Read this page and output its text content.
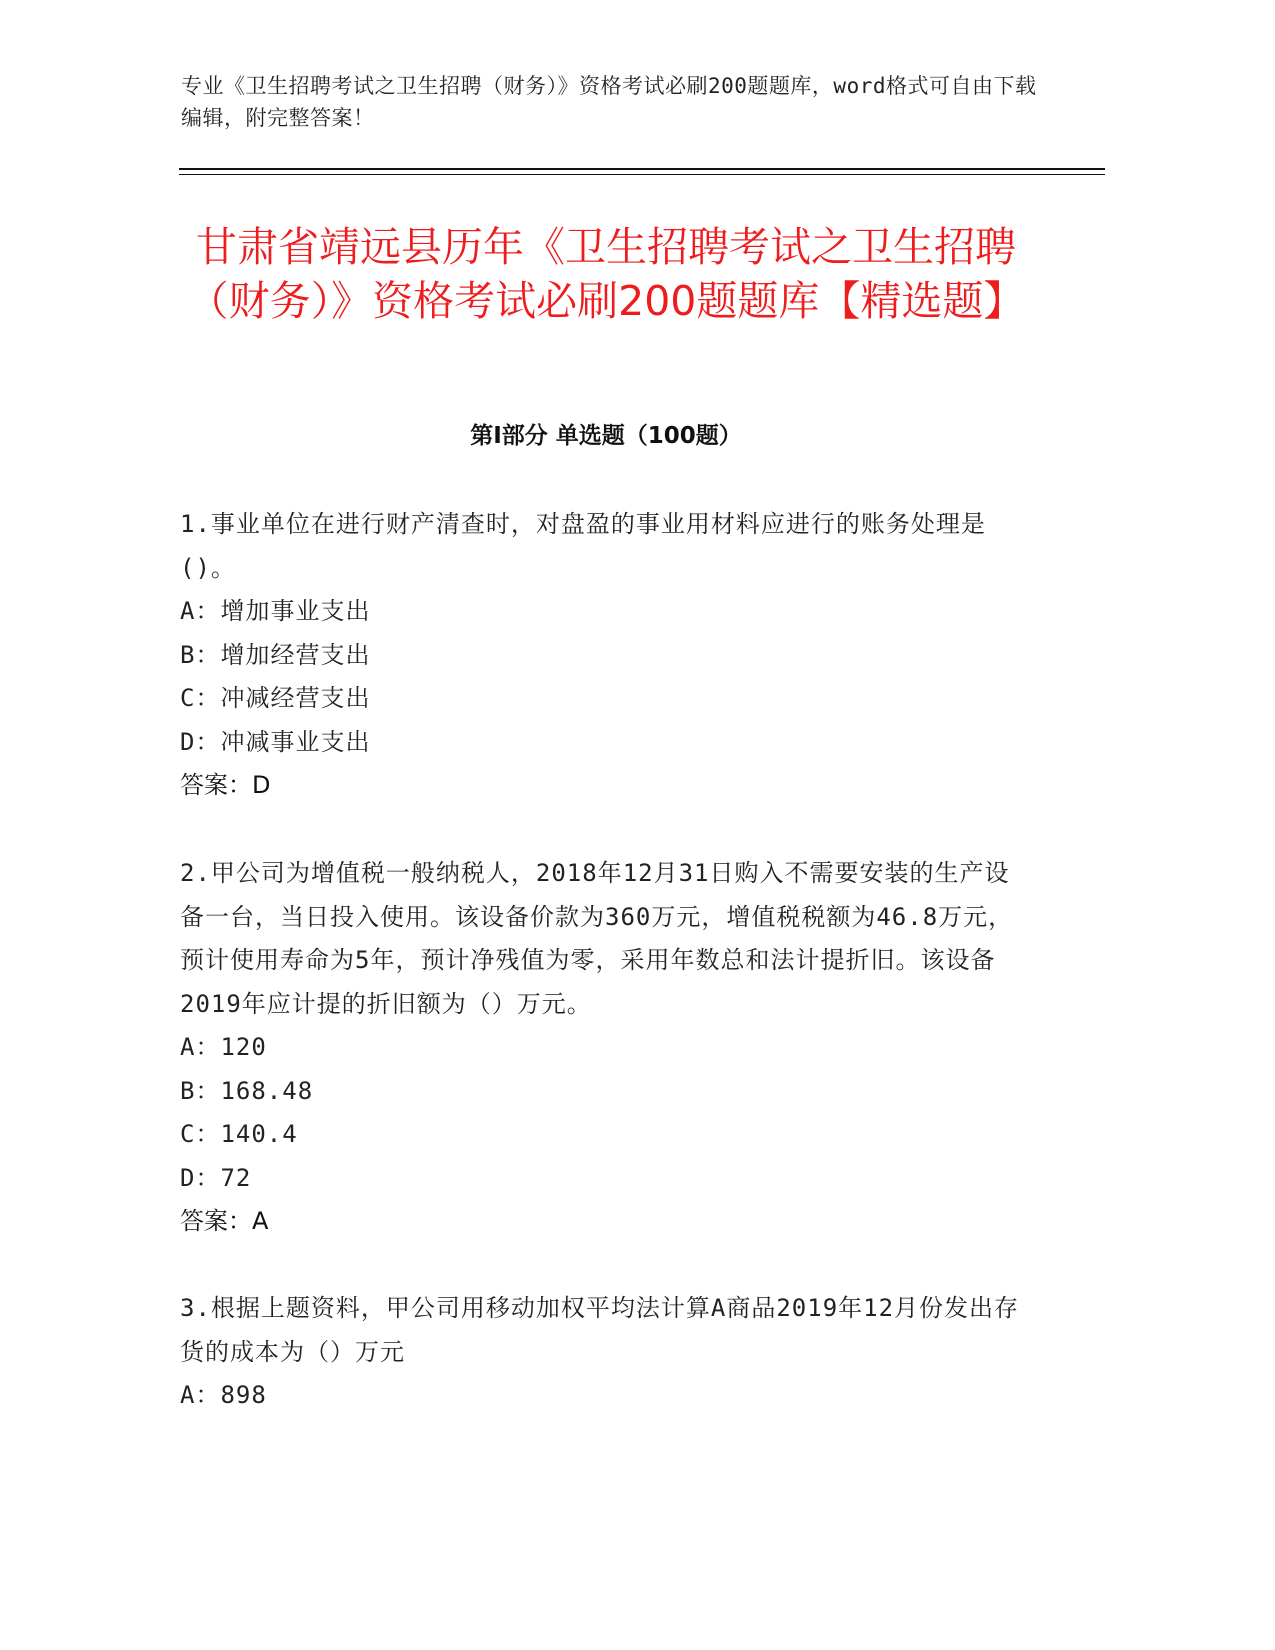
专业《卫生招聘考试之卫生招聘（财务）》资格考试必刷200题题库，word格式可自由下载编辑，附完整答案！
甘肃省靖远县历年《卫生招聘考试之卫生招聘（财务）》资格考试必刷200题题库【精选题】
第Ⅰ部分 单选题（100题）
1.事业单位在进行财产清查时，对盘盈的事业用材料应进行的账务处理是()。
A：增加事业支出
B：增加经营支出
C：冲减经营支出
D：冲减事业支出
答案：D
2.甲公司为增值税一般纳税人，2018年12月31日购入不需要安装的生产设备一台，当日投入使用。该设备价款为360万元，增值税税额为46.8万元，预计使用寿命为5年，预计净残值为零，采用年数总和法计提折旧。该设备2019年应计提的折旧额为（）万元。
A：120
B：168.48
C：140.4
D：72
答案：A
3.根据上题资料，甲公司用移动加权平均法计算A商品2019年12月份发出存货的成本为（）万元
A：898
